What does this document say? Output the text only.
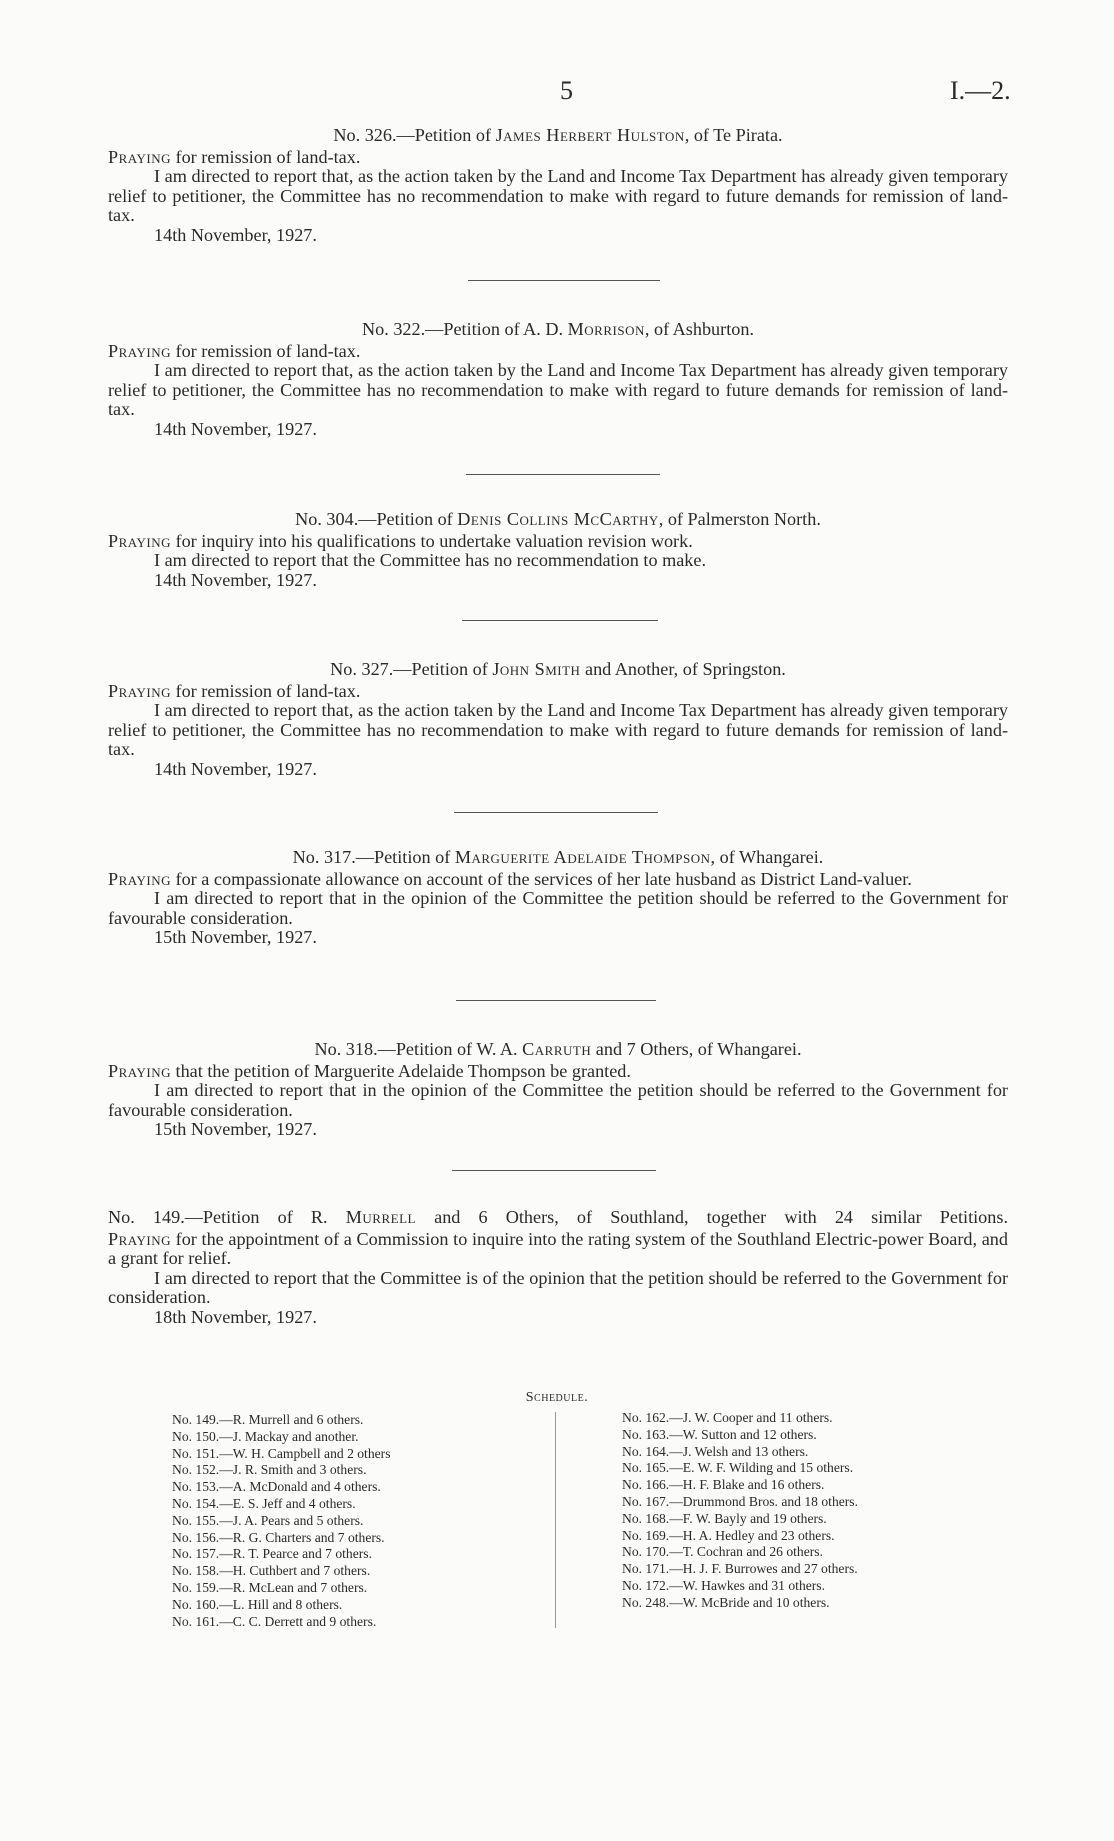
5	I.—2.
No. 326.—Petition of James Herbert Hulston, of Te Pirata.

Praying for remission of land-tax.

I am directed to report that, as the action taken by the Land and Income Tax Department has already given temporary relief to petitioner, the Committee has no recommendation to make with regard to future demands for remission of land-tax.

14th November, 1927.
No. 322.—Petition of A. D. Morrison, of Ashburton.

Praying for remission of land-tax.

I am directed to report that, as the action taken by the Land and Income Tax Department has already given temporary relief to petitioner, the Committee has no recommendation to make with regard to future demands for remission of land-tax.

14th November, 1927.
No. 304.—Petition of Denis Collins McCarthy, of Palmerston North.

Praying for inquiry into his qualifications to undertake valuation revision work.

I am directed to report that the Committee has no recommendation to make.

14th November, 1927.
No. 327.—Petition of John Smith and Another, of Springston.

Praying for remission of land-tax.

I am directed to report that, as the action taken by the Land and Income Tax Department has already given temporary relief to petitioner, the Committee has no recommendation to make with regard to future demands for remission of land-tax.

14th November, 1927.
No. 317.—Petition of Marguerite Adelaide Thompson, of Whangarei.

Praying for a compassionate allowance on account of the services of her late husband as District Land-valuer.

I am directed to report that in the opinion of the Committee the petition should be referred to the Government for favourable consideration.

15th November, 1927.
No. 318.—Petition of W. A. Carruth and 7 Others, of Whangarei.

Praying that the petition of Marguerite Adelaide Thompson be granted.

I am directed to report that in the opinion of the Committee the petition should be referred to the Government for favourable consideration.

15th November, 1927.
No. 149.—Petition of R. Murrell and 6 Others, of Southland, together with 24 similar Petitions.

Praying for the appointment of a Commission to inquire into the rating system of the Southland Electric-power Board, and a grant for relief.

I am directed to report that the Committee is of the opinion that the petition should be referred to the Government for consideration.

18th November, 1927.
Schedule.
No. 149.—R. Murrell and 6 others.
No. 150.—J. Mackay and another.
No. 151.—W. H. Campbell and 2 others
No. 152.—J. R. Smith and 3 others.
No. 153.—A. McDonald and 4 others.
No. 154.—E. S. Jeff and 4 others.
No. 155.—J. A. Pears and 5 others.
No. 156.—R. G. Charters and 7 others.
No. 157.—R. T. Pearce and 7 others.
No. 158.—H. Cuthbert and 7 others.
No. 159.—R. McLean and 7 others.
No. 160.—L. Hill and 8 others.
No. 161.—C. C. Derrett and 9 others.
No. 162.—J. W. Cooper and 11 others.
No. 163.—W. Sutton and 12 others.
No. 164.—J. Welsh and 13 others.
No. 165.—E. W. F. Wilding and 15 others.
No. 166.—H. F. Blake and 16 others.
No. 167.—Drummond Bros. and 18 others.
No. 168.—F. W. Bayly and 19 others.
No. 169.—H. A. Hedley and 23 others.
No. 170.—T. Cochran and 26 others.
No. 171.—H. J. F. Burrowes and 27 others.
No. 172.—W. Hawkes and 31 others.
No. 248.—W. McBride and 10 others.
